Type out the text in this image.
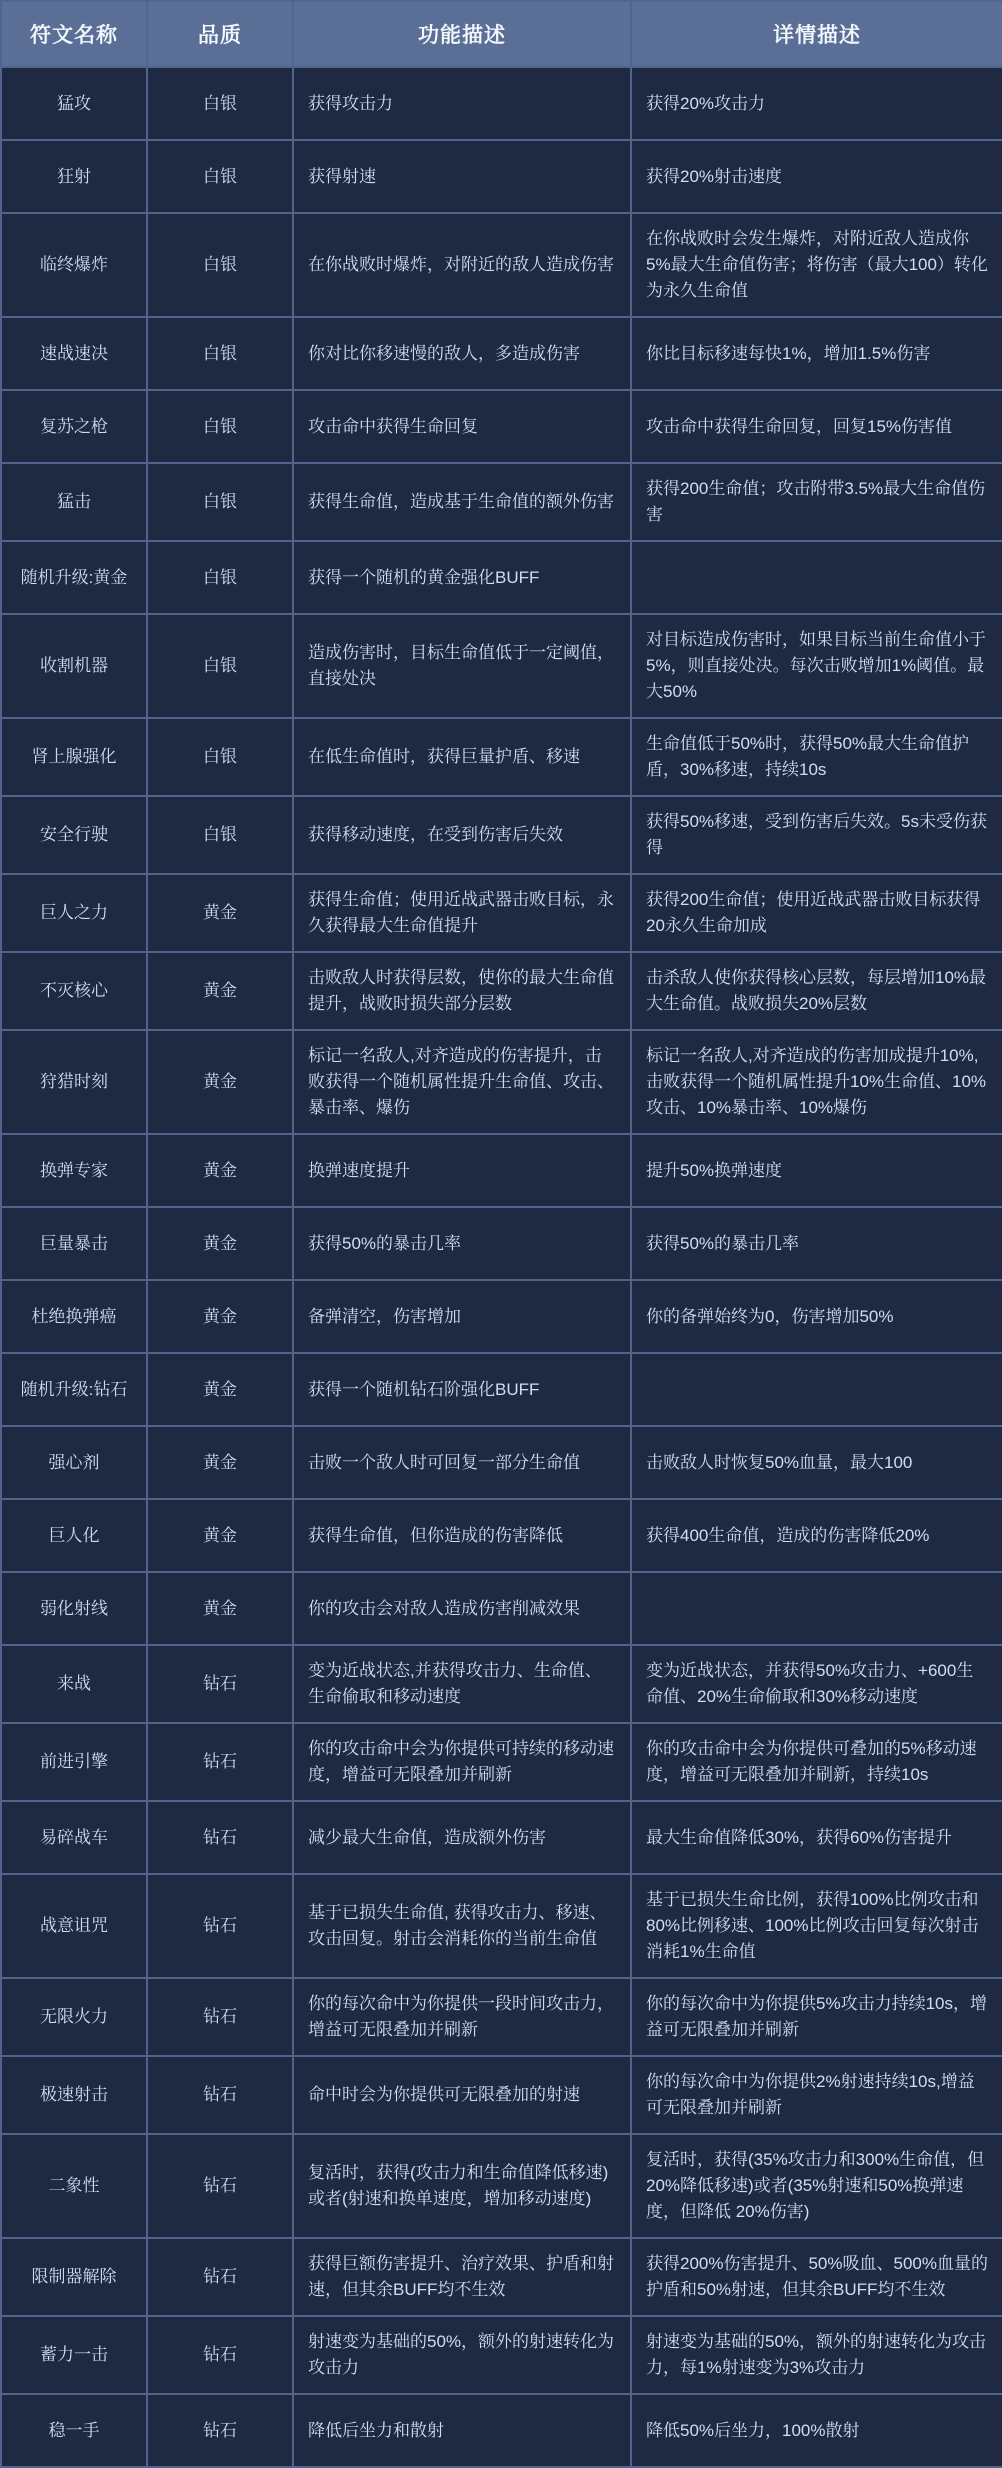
符文名称	品质	功能描述	详情描述
猛攻	白银	获得攻击力	获得20%攻击力
狂射	白银	获得射速	获得20%射击速度
临终爆炸	白银	在你战败时爆炸，对附近的敌人造成伤害	在你战败时会发生爆炸，对附近敌人造成你5%最大生命值伤害；将伤害（最大100）转化为永久生命值
速战速决	白银	你对比你移速慢的敌人，多造成伤害	你比目标移速每快1%，增加1.5%伤害
复苏之枪	白银	攻击命中获得生命回复	攻击命中获得生命回复，回复15%伤害值
猛击	白银	获得生命值，造成基于生命值的额外伤害	获得200生命值；攻击附带3.5%最大生命值伤害
随机升级:黄金	白银	获得一个随机的黄金强化BUFF	
收割机器	白银	造成伤害时，目标生命值低于一定阈值，直接处决	对目标造成伤害时，如果目标当前生命值小于5%，则直接处决。每次击败增加1%阈值。最大50%
肾上腺强化	白银	在低生命值时，获得巨量护盾、移速	生命值低于50%时，获得50%最大生命值护盾，30%移速，持续10s
安全行驶	白银	获得移动速度，在受到伤害后失效	获得50%移速，受到伤害后失效。5s未受伤获得
巨人之力	黄金	获得生命值；使用近战武器击败目标，永久获得最大生命值提升	获得200生命值；使用近战武器击败目标获得20永久生命加成
不灭核心	黄金	击败敌人时获得层数，使你的最大生命值提升，战败时损失部分层数	击杀敌人使你获得核心层数，每层增加10%最大生命值。战败损失20%层数
狩猎时刻	黄金	标记一名敌人,对齐造成的伤害提升，击败获得一个随机属性提升生命值、攻击、暴击率、爆伤	标记一名敌人,对齐造成的伤害加成提升10%,击败获得一个随机属性提升10%生命值、10%攻击、10%暴击率、10%爆伤
换弹专家	黄金	换弹速度提升	提升50%换弹速度
巨量暴击	黄金	获得50%的暴击几率	获得50%的暴击几率
杜绝换弹癌	黄金	备弹清空，伤害增加	你的备弹始终为0，伤害增加50%
随机升级:钻石	黄金	获得一个随机钻石阶强化BUFF	
强心剂	黄金	击败一个敌人时可回复一部分生命值	击败敌人时恢复50%血量，最大100
巨人化	黄金	获得生命值，但你造成的伤害降低	获得400生命值，造成的伤害降低20%
弱化射线	黄金	你的攻击会对敌人造成伤害削减效果	
来战	钻石	变为近战状态,并获得攻击力、生命值、生命偷取和移动速度	变为近战状态，并获得50%攻击力、+600生命值、20%生命偷取和30%移动速度
前进引擎	钻石	你的攻击命中会为你提供可持续的移动速度，增益可无限叠加并刷新	你的攻击命中会为你提供可叠加的5%移动速度，增益可无限叠加并刷新，持续10s
易碎战车	钻石	减少最大生命值，造成额外伤害	最大生命值降低30%，获得60%伤害提升
战意诅咒	钻石	基于已损失生命值, 获得攻击力、移速、攻击回复。射击会消耗你的当前生命值	基于已损失生命比例，获得100%比例攻击和80%比例移速、100%比例攻击回复每次射击消耗1%生命值
无限火力	钻石	你的每次命中为你提供一段时间攻击力，增益可无限叠加并刷新	你的每次命中为你提供5%攻击力持续10s，增益可无限叠加并刷新
极速射击	钻石	命中时会为你提供可无限叠加的射速	你的每次命中为你提供2%射速持续10s,增益可无限叠加并刷新
二象性	钻石	复活时，获得(攻击力和生命值降低移速)或者(射速和换单速度，增加移动速度)	复活时，获得(35%攻击力和300%生命值，但20%降低移速)或者(35%射速和50%换弹速度，但降低 20%伤害)
限制器解除	钻石	获得巨额伤害提升、治疗效果、护盾和射速，但其余BUFF均不生效	获得200%伤害提升、50%吸血、500%血量的护盾和50%射速，但其余BUFF均不生效
蓄力一击	钻石	射速变为基础的50%，额外的射速转化为攻击力	射速变为基础的50%，额外的射速转化为攻击力，每1%射速变为3%攻击力
稳一手	钻石	降低后坐力和散射	降低50%后坐力，100%散射
